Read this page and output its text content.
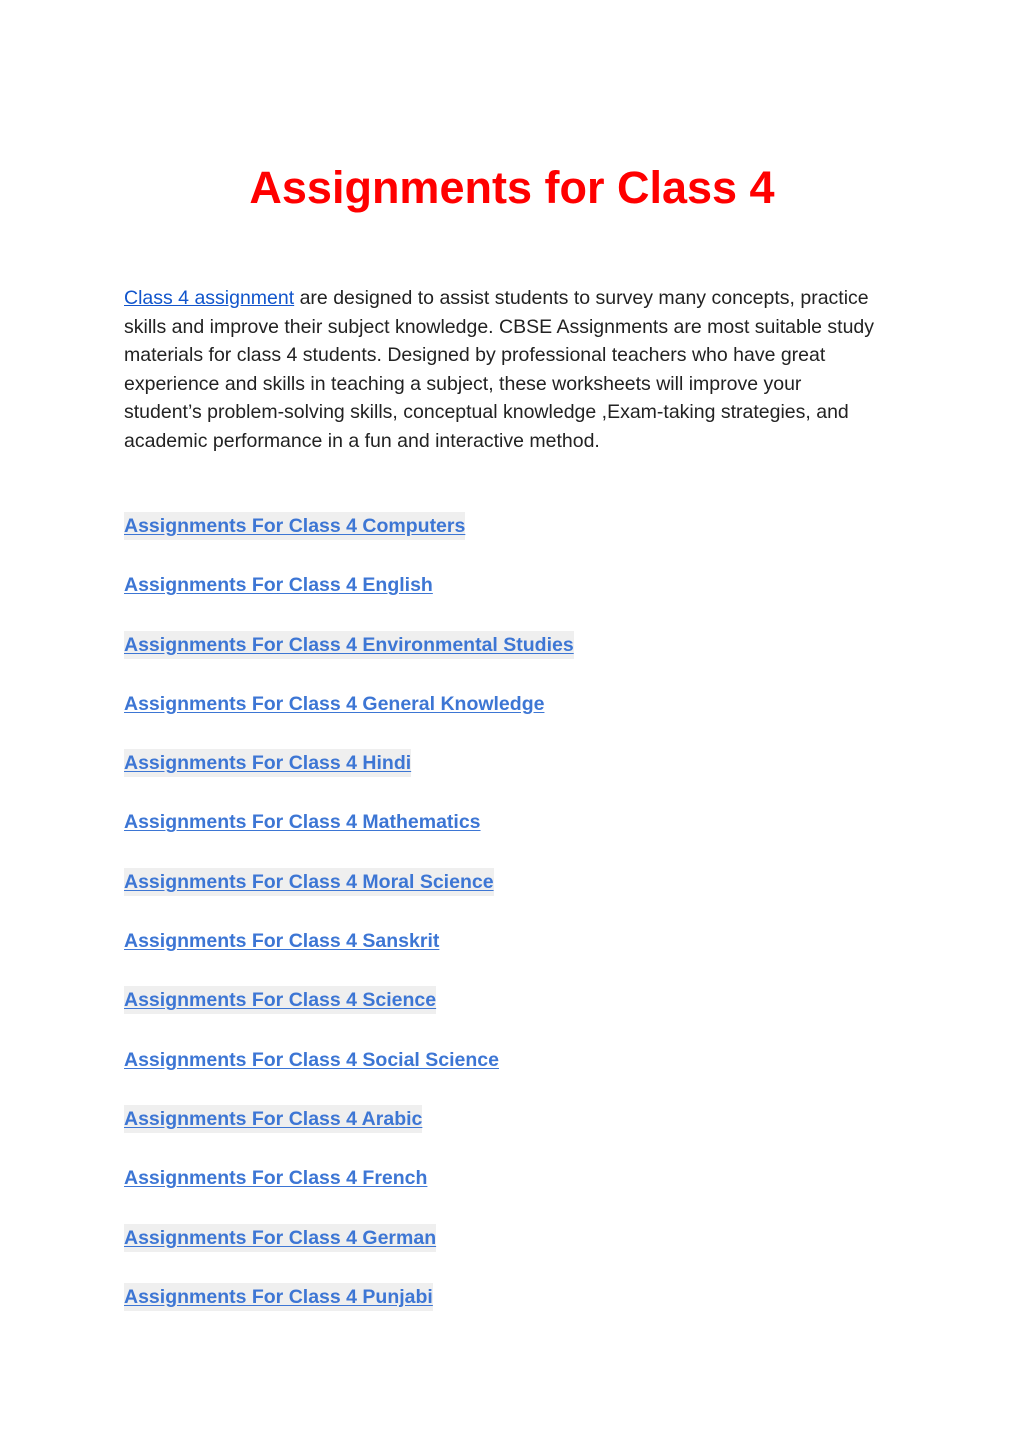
Assignments for Class 4

Class 4 assignment are designed to assist students to survey many concepts, practice skills and improve their subject knowledge. CBSE Assignments are most suitable study materials for class 4 students. Designed by professional teachers who have great experience and skills in teaching a subject, these worksheets will improve your student’s problem-solving skills, conceptual knowledge ,Exam-taking strategies, and academic performance in a fun and interactive method.

Assignments For Class 4 Computers
Assignments For Class 4 English
Assignments For Class 4 Environmental Studies
Assignments For Class 4 General Knowledge
Assignments For Class 4 Hindi
Assignments For Class 4 Mathematics
Assignments For Class 4 Moral Science
Assignments For Class 4 Sanskrit
Assignments For Class 4 Science
Assignments For Class 4 Social Science
Assignments For Class 4 Arabic
Assignments For Class 4 French
Assignments For Class 4 German
Assignments For Class 4 Punjabi
